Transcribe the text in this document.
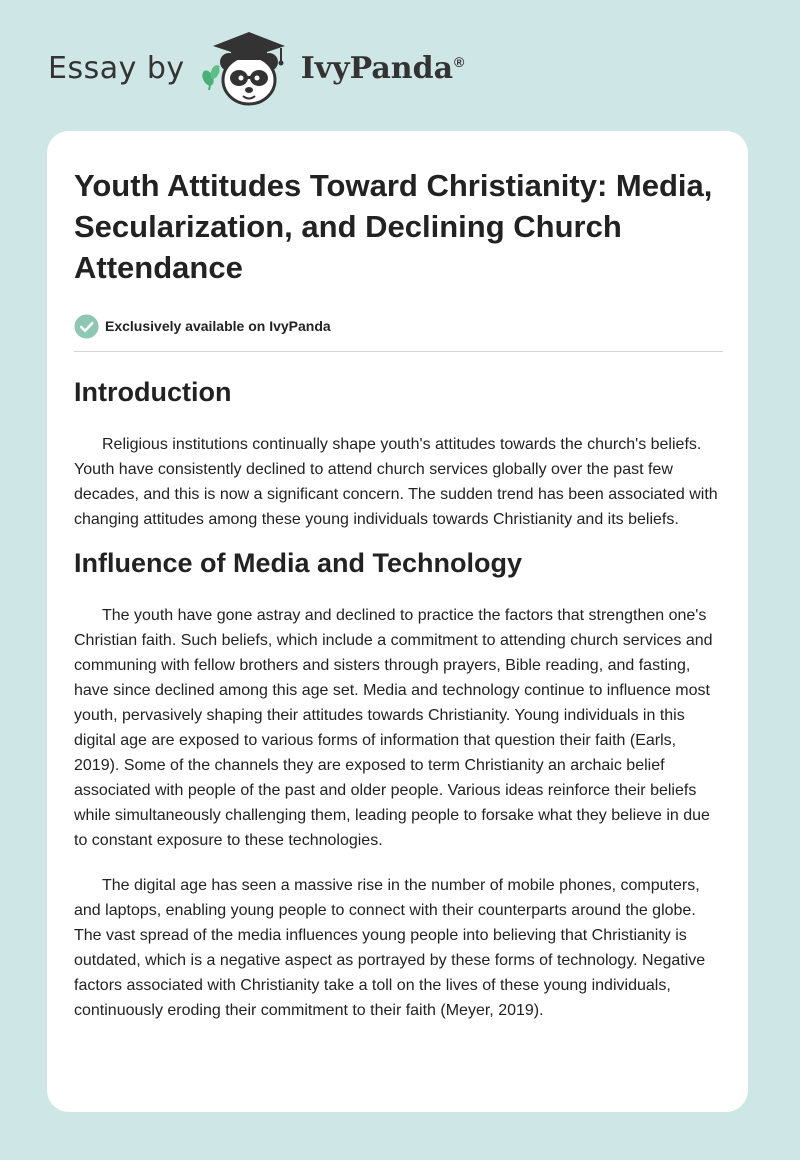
Essay by	IvyPanda®
Youth Attitudes Toward Christianity: Media, Secularization, and Declining Church Attendance
Exclusively available on IvyPanda
Introduction

Religious institutions continually shape youth's attitudes towards the church's beliefs. Youth have consistently declined to attend church services globally over the past few decades, and this is now a significant concern. The sudden trend has been associated with changing attitudes among these young individuals towards Christianity and its beliefs.

Influence of Media and Technology

The youth have gone astray and declined to practice the factors that strengthen one's Christian faith. Such beliefs, which include a commitment to attending church services and communing with fellow brothers and sisters through prayers, Bible reading, and fasting, have since declined among this age set. Media and technology continue to influence most youth, pervasively shaping their attitudes towards Christianity. Young individuals in this digital age are exposed to various forms of information that question their faith (Earls, 2019). Some of the channels they are exposed to term Christianity an archaic belief associated with people of the past and older people. Various ideas reinforce their beliefs while simultaneously challenging them, leading people to forsake what they believe in due to constant exposure to these technologies.

The digital age has seen a massive rise in the number of mobile phones, computers, and laptops, enabling young people to connect with their counterparts around the globe. The vast spread of the media influences young people into believing that Christianity is outdated, which is a negative aspect as portrayed by these forms of technology. Negative factors associated with Christianity take a toll on the lives of these young individuals, continuously eroding their commitment to their faith (Meyer, 2019).
